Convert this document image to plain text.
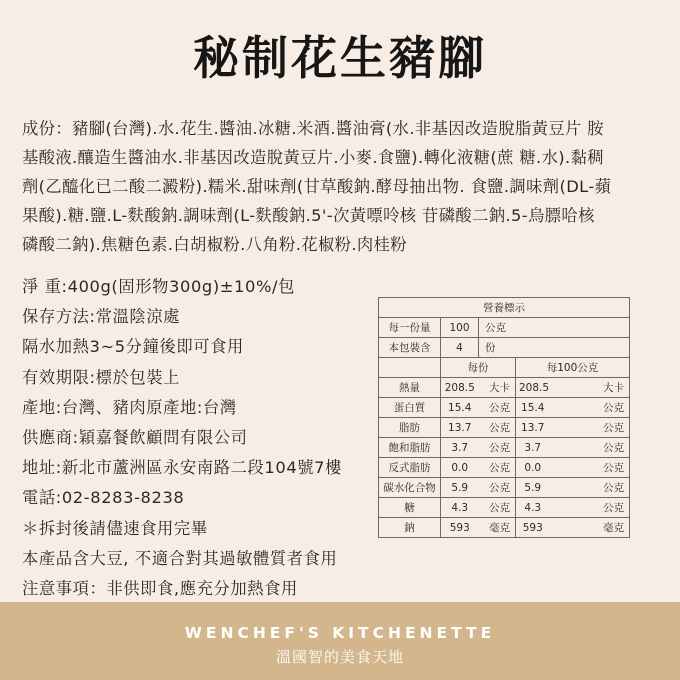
秘制花生豬腳
成份：豬腳(台灣).水.花生.醬油.冰糖.米酒.醬油膏(水.非基因改造脫脂黃豆片 胺
基酸液.釀造生醬油水.非基因改造脫黃豆片.小麥.食鹽).轉化液糖(蔗 糖.水).黏稠
劑(乙醯化已二酸二澱粉).糯米.甜味劑(甘草酸鈉.酵母抽出物. 食鹽.調味劑(DL-蘋
果酸).糖.鹽.L-麩酸鈉.調味劑(L-麩酸鈉.5'-次黃嘌呤核 苷磷酸二鈉.5-烏膘哈核
磷酸二鈉).焦糖色素.白胡椒粉.八角粉.花椒粉.肉桂粉
淨 重:400g(固形物300g)±10%/包
保存方法:常溫陰涼處
隔水加熱3~5分鐘後即可食用
有效期限:標於包裝上
產地:台灣、豬肉原產地:台灣
供應商:穎嘉餐飲顧問有限公司
地址:新北市蘆洲區永安南路二段104號7樓
電話:02-8283-8238
＊拆封後請儘速食用完畢
本產品含大豆, 不適合對其過敏體質者食用
注意事項：非供即食,應充分加熱食用
營養標示				
每一份量	100	公克		
本包裝含	4	份		
	每份		每100公克	
熱量	208.5	大卡	208.5	大卡
蛋白質	15.4	公克	15.4	公克
脂肪	13.7	公克	13.7	公克
飽和脂肪	3.7	公克	3.7	公克
反式脂肪	0.0	公克	0.0	公克
碳水化合物	5.9	公克	5.9	公克
糖	4.3	公克	4.3	公克
鈉	593	毫克	593	毫克
WENCHEF'S KITCHENETTE
溫國智的美食天地
